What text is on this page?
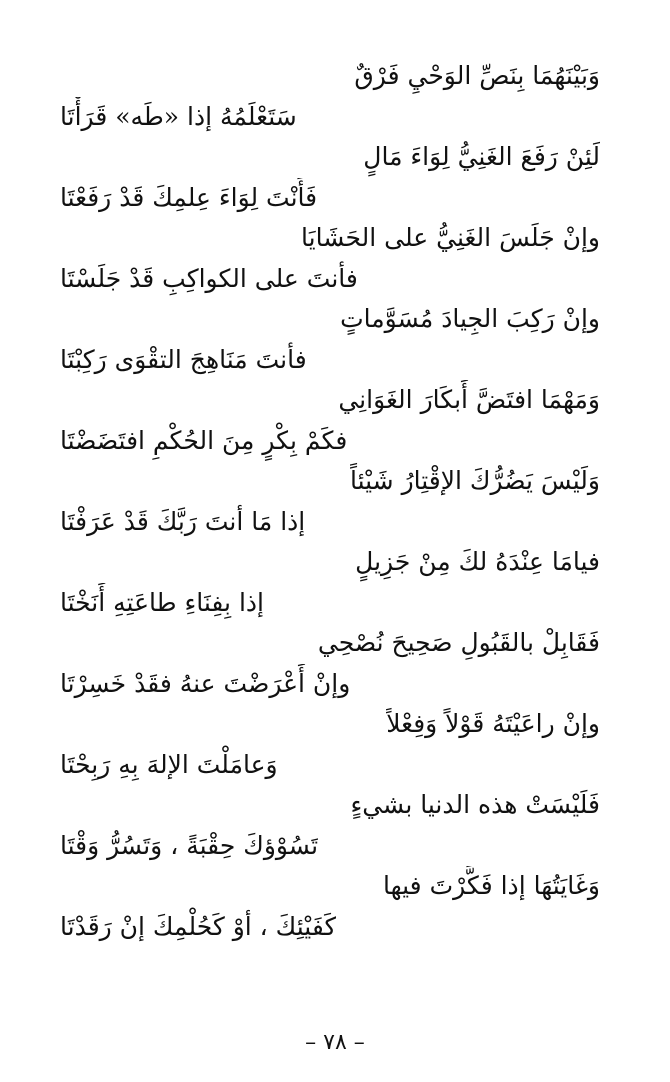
وَبَيْنَهُمَا بِنَصِّ الوَحْيِ فَرْقٌ
سَتَعْلَمُهُ إذا «طَه» قَرَأْتَا
لَئِنْ رَفَعَ الغَنِيُّ لِوَاءَ مَالٍ
فَأَنْتَ لِوَاءَ عِلمِكَ قَدْ رَفَعْتَا
وإنْ جَلَسَ الغَنِيُّ على الحَشَايَا
فأنتَ على الكواكِبِ قَدْ جَلَسْتَا
وإنْ رَكِبَ الجِيادَ مُسَوَّماتٍ
فأنتَ مَنَاهِجَ التقْوَى رَكِبْتَا
وَمَهْمَا افتَضَّ أَبكَارَ الغَوَانِي
فكَمْ بِكْرٍ مِنَ الحُكْمِ افتَضَضْتَا
وَلَيْسَ يَضُرُّكَ الإقْتِارُ شَيْئاً
إذا مَا أنتَ رَبَّكَ قَدْ عَرَفْتَا
فيامَا عِنْدَهُ لكَ مِنْ جَزِيلٍ
إذا بِفِنَاءِ طاعَتِهِ أَنَخْتَا
فَقَابِلْ بالقَبُولِ صَحِيحَ نُصْحِي
وإنْ أَعْرَضْتَ عنهُ فقَدْ خَسِرْتَا
وإنْ راعَيْتَهُ قَوْلاً وَفِعْلاً
وَعامَلْتَ الإلهَ بِهِ رَبِحْتَا
فَلَيْسَتْ هذه الدنيا بشيءٍ
تَسُوْؤكَ حِقْبَةً ، وَتَسُرُّ وَقْتَا
وَغَايَتُهَا إذا فَكَّرْتَ فيها
كَفَيْئِكَ ، أوْ كَحُلْمِكَ إنْ رَقَدْتَا
– ٧٨ –
